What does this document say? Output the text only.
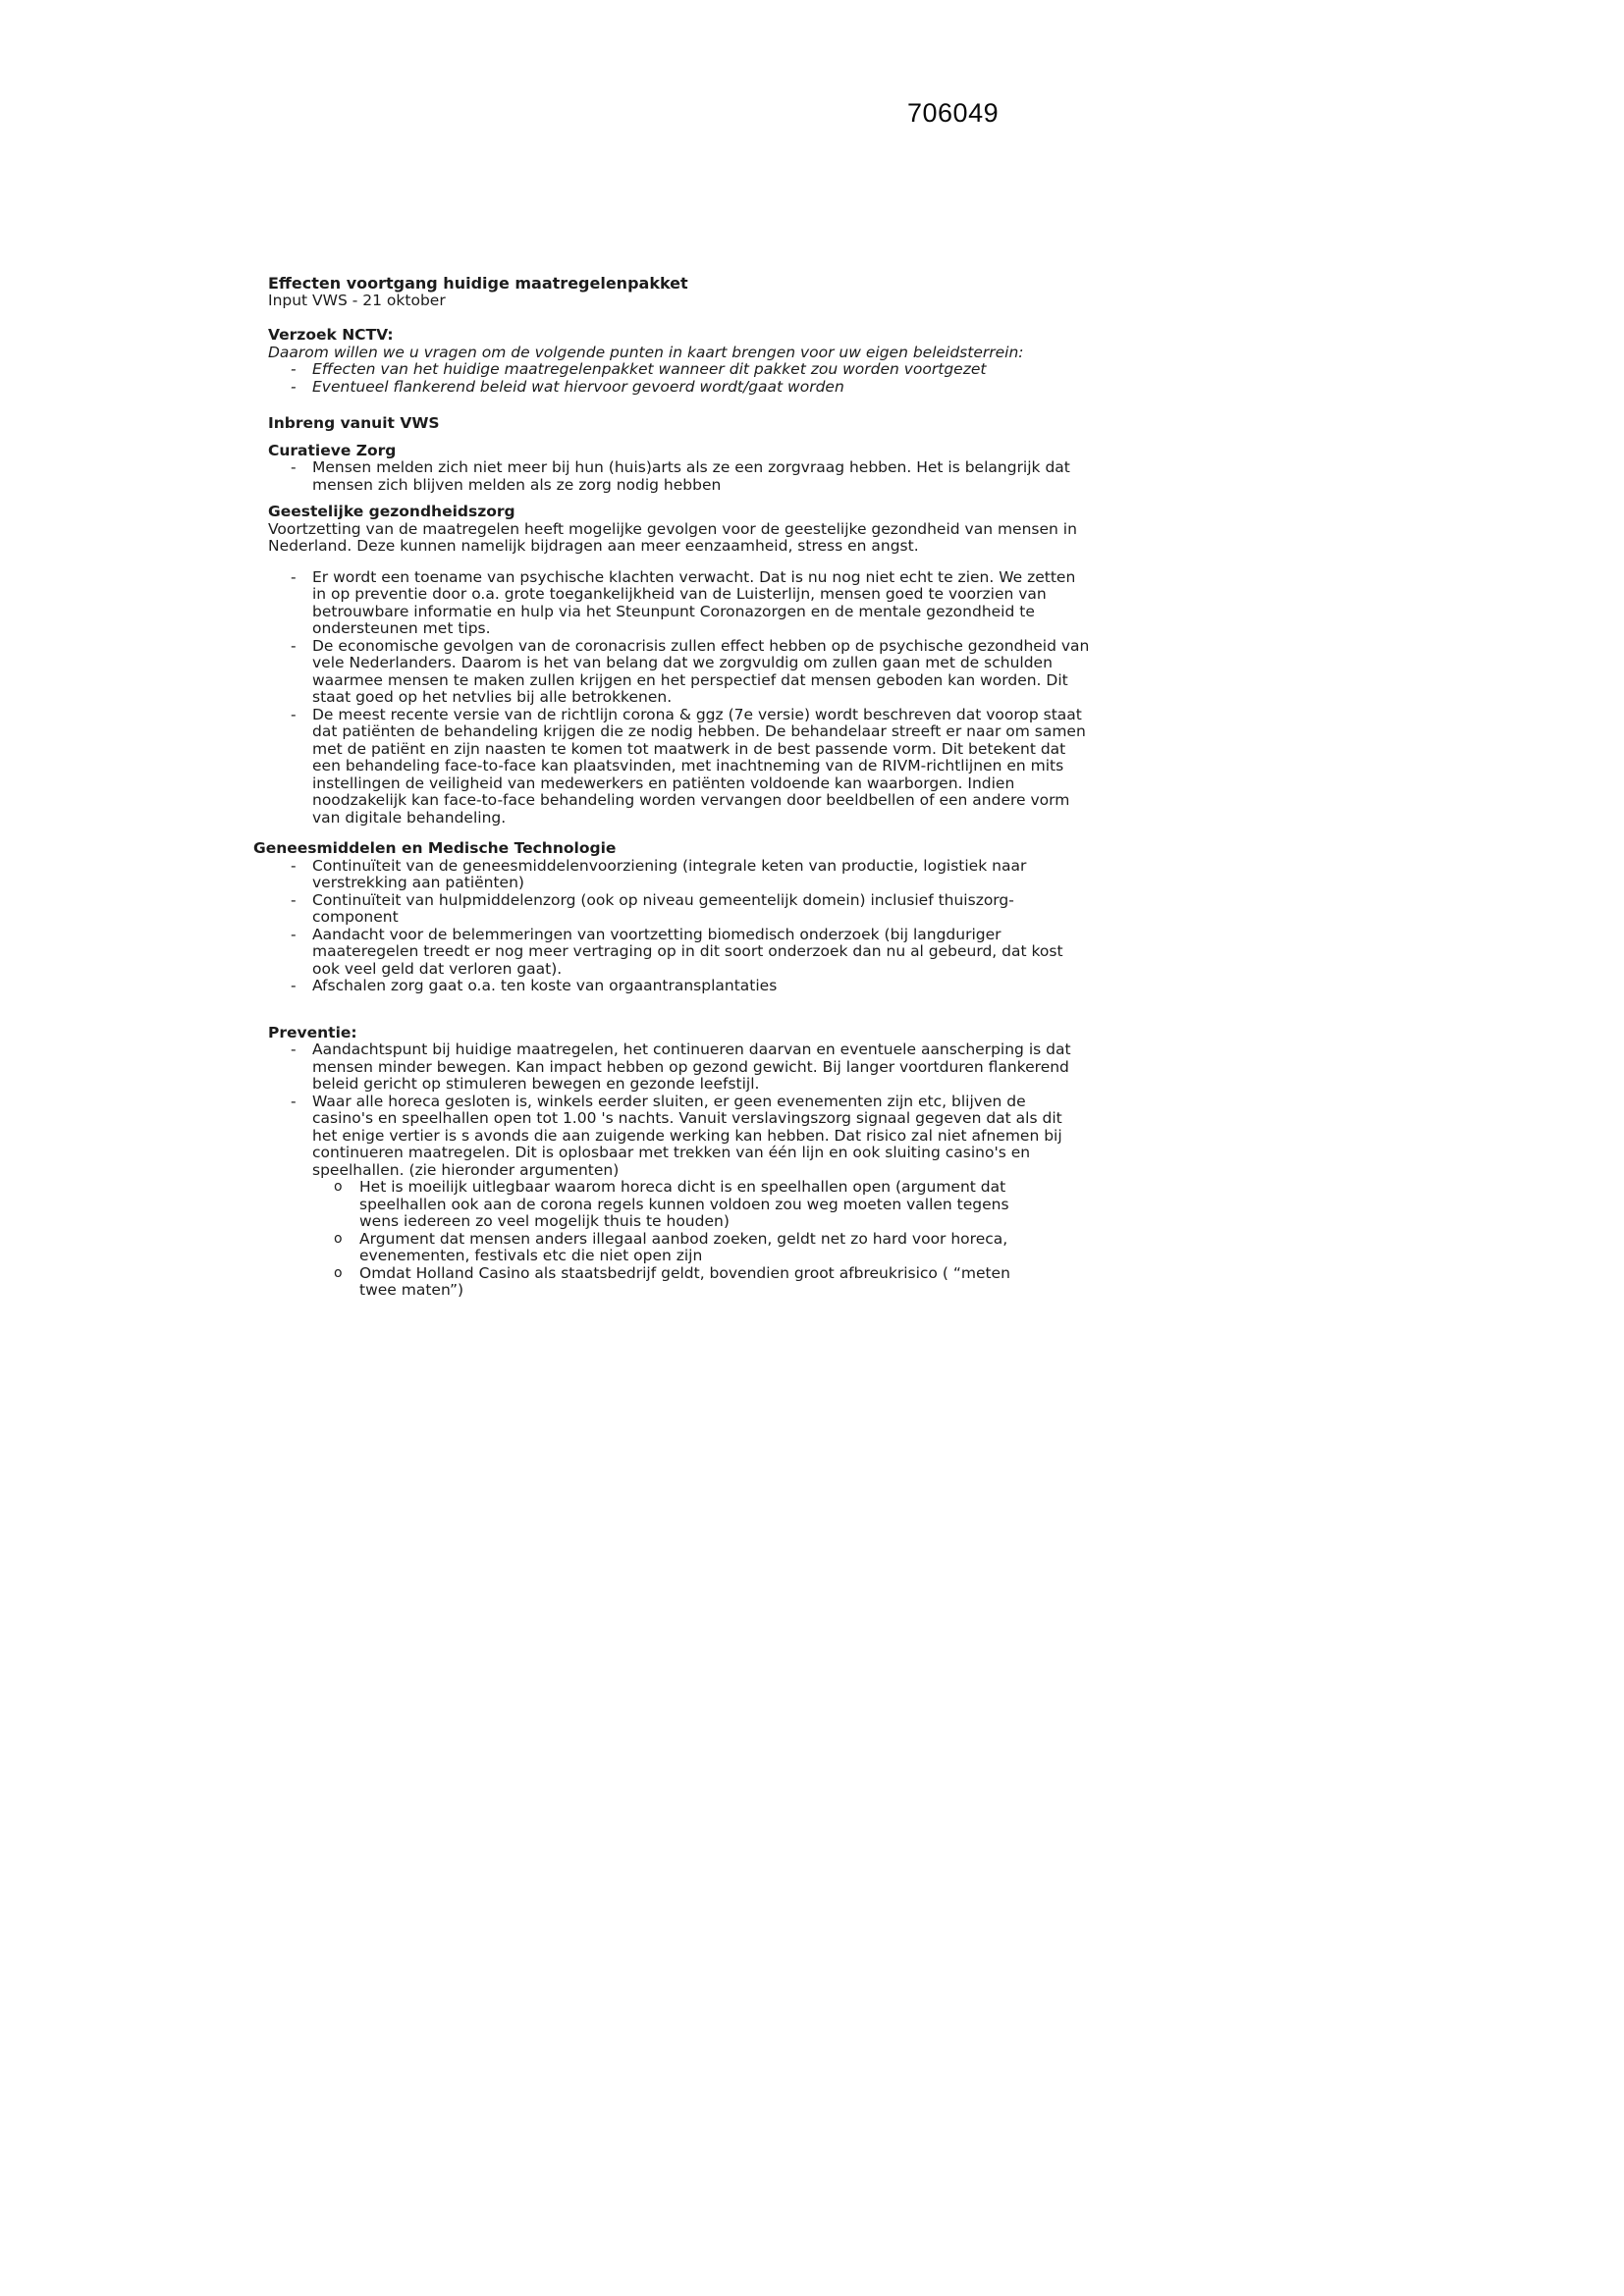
706049
Effecten voortgang huidige maatregelenpakket
Input VWS - 21 oktober
Verzoek NCTV:

Daarom willen we u vragen om de volgende punten in kaart brengen voor uw eigen beleidsterrein:

-	Effecten van het huidige maatregelenpakket wanneer dit pakket zou worden voortgezet
-	Eventueel flankerend beleid wat hiervoor gevoerd wordt/gaat worden
Inbreng vanuit VWS
Curatieve Zorg
-	Mensen melden zich niet meer bij hun (huis)arts als ze een zorgvraag hebben. Het is belangrijk dat mensen zich blijven melden als ze zorg nodig hebben
Geestelijke gezondheidszorg

Voortzetting van de maatregelen heeft mogelijke gevolgen voor de geestelijke gezondheid van mensen in Nederland. Deze kunnen namelijk bijdragen aan meer eenzaamheid, stress en angst.

-	Er wordt een toename van psychische klachten verwacht. Dat is nu nog niet echt te zien. We zetten in op preventie door o.a. grote toegankelijkheid van de Luisterlijn, mensen goed te voorzien van betrouwbare informatie en hulp via het Steunpunt Coronazorgen en de mentale gezondheid te ondersteunen met tips.
-	De economische gevolgen van de coronacrisis zullen effect hebben op de psychische gezondheid van vele Nederlanders. Daarom is het van belang dat we zorgvuldig om zullen gaan met de schulden waarmee mensen te maken zullen krijgen en het perspectief dat mensen geboden kan worden. Dit staat goed op het netvlies bij alle betrokkenen.
-	De meest recente versie van de richtlijn corona & ggz (7e versie) wordt beschreven dat voorop staat dat patiënten de behandeling krijgen die ze nodig hebben. De behandelaar streeft er naar om samen met de patiënt en zijn naasten te komen tot maatwerk in de best passende vorm. Dit betekent dat een behandeling face-to-face kan plaatsvinden, met inachtneming van de RIVM-richtlijnen en mits instellingen de veiligheid van medewerkers en patiënten voldoende kan waarborgen. Indien noodzakelijk kan face-to-face behandeling worden vervangen door beeldbellen of een andere vorm van digitale behandeling.
Geneesmiddelen en Medische Technologie
-	Continuïteit van de geneesmiddelenvoorziening (integrale keten van productie, logistiek naar verstrekking aan patiënten)
-	Continuïteit van hulpmiddelenzorg (ook op niveau gemeentelijk domein) inclusief thuiszorg-component
-	Aandacht voor de belemmeringen van voortzetting biomedisch onderzoek (bij langduriger maateregelen treedt er nog meer vertraging op in dit soort onderzoek dan nu al gebeurd, dat kost ook veel geld dat verloren gaat).
-	Afschalen zorg gaat o.a. ten koste van orgaantransplantaties
Preventie:
-	Aandachtspunt bij huidige maatregelen, het continueren daarvan en eventuele aanscherping is dat mensen minder bewegen. Kan impact hebben op gezond gewicht. Bij langer voortduren flankerend beleid gericht op stimuleren bewegen en gezonde leefstijl.
-	Waar alle horeca gesloten is, winkels eerder sluiten, er geen evenementen zijn etc, blijven de casino's en speelhallen open tot 1.00 's nachts. Vanuit verslavingszorg signaal gegeven dat als dit het enige vertier is s avonds die aan zuigende werking kan hebben. Dat risico zal niet afnemen bij continueren maatregelen. Dit is oplosbaar met trekken van één lijn en ook sluiting casino's en speelhallen. (zie hieronder argumenten)
o	Het is moeilijk uitlegbaar waarom horeca dicht is en speelhallen open (argument dat speelhallen ook aan de corona regels kunnen voldoen zou weg moeten vallen tegens wens iedereen zo veel mogelijk thuis te houden)
o	Argument dat mensen anders illegaal aanbod zoeken, geldt net zo hard voor horeca, evenementen, festivals etc die niet open zijn
o	Omdat Holland Casino als staatsbedrijf geldt, bovendien groot afbreukrisico ( “meten twee maten”)
